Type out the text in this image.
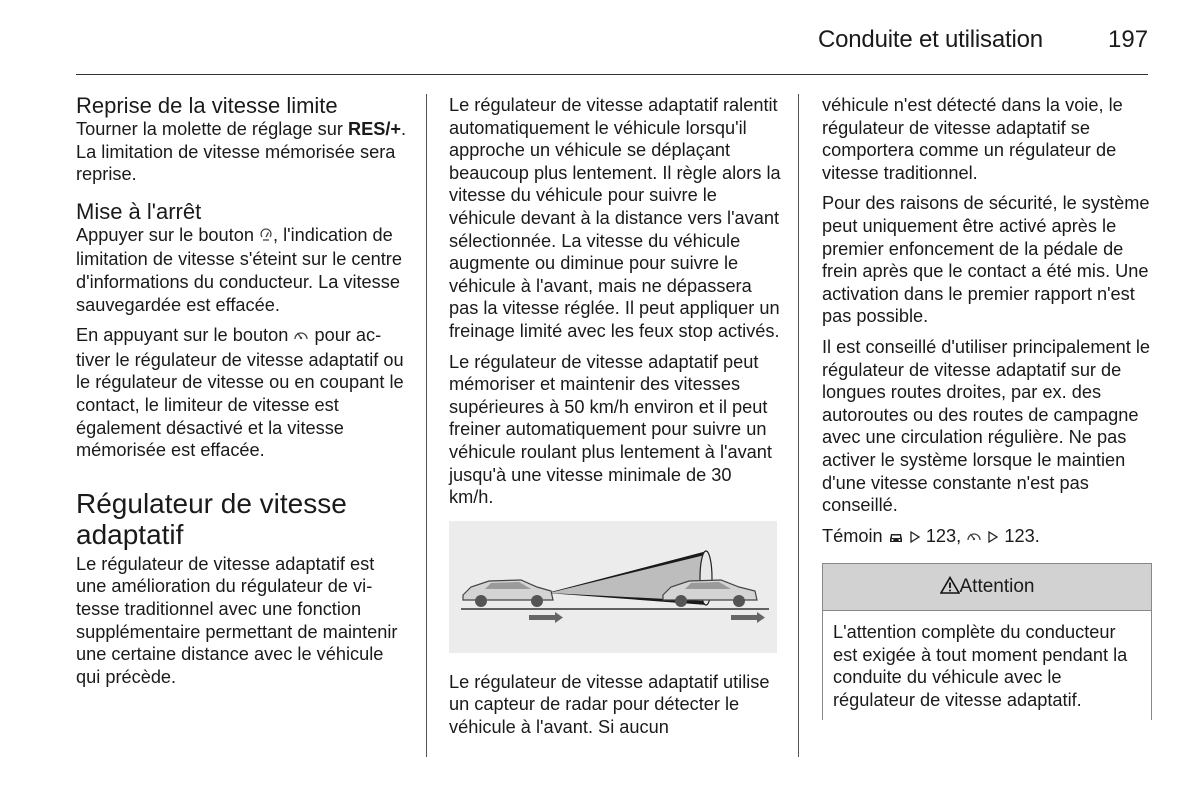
Conduite et utilisation	197
Reprise de la vitesse limite

Tourner la molette de réglage sur RES/+. La limitation de vitesse mémorisée sera reprise.

Mise à l'arrêt

Appuyer sur le bouton , l'indication de limitation de vitesse s'éteint sur le centre d'informations du conducteur. La vitesse sauvegardée est effacée.

En appuyant sur le bouton  pour activer le régulateur de vitesse adaptatif ou le régulateur de vitesse ou en coupant le contact, le limiteur de vitesse est également désactivé et la vitesse mémorisée est effacée.

Régulateur de vitesse adaptatif

Le régulateur de vitesse adaptatif est une amélioration du régulateur de vitesse traditionnel avec une fonction supplémentaire permettant de maintenir une certaine distance avec le véhicule qui précède.

Le régulateur de vitesse adaptatif ralentit automatiquement le véhicule lorsqu'il approche un véhicule se déplaçant beaucoup plus lentement. Il règle alors la vitesse du véhicule pour suivre le véhicule devant à la distance vers l'avant sélectionnée. La vitesse du véhicule augmente ou diminue pour suivre le véhicule à l'avant, mais ne dépassera pas la vitesse réglée. Il peut appliquer un freinage limité avec les feux stop activés.

Le régulateur de vitesse adaptatif peut mémoriser et maintenir des vitesses supérieures à 50 km/h environ et il peut freiner automatiquement pour suivre un véhicule roulant plus lentement à l'avant jusqu'à une vitesse minimale de 30 km/h.

Le régulateur de vitesse adaptatif utilise un capteur de radar pour détecter le véhicule à l'avant. Si aucun

véhicule n'est détecté dans la voie, le régulateur de vitesse adaptatif se comportera comme un régulateur de vitesse traditionnel.

Pour des raisons de sécurité, le système peut uniquement être activé après le premier enfoncement de la pédale de frein après que le contact a été mis. Une activation dans le premier rapport n'est pas possible.

Il est conseillé d'utiliser principalement le régulateur de vitesse adaptatif sur de longues routes droites, par ex. des autoroutes ou des routes de campagne avec une circulation régulière. Ne pas activer le système lorsque le maintien d'une vitesse constante n'est pas conseillé.

Témoin   123,   123.

Attention
L'attention complète du conducteur est exigée à tout moment pendant la conduite du véhicule avec le régulateur de vitesse adaptatif.
